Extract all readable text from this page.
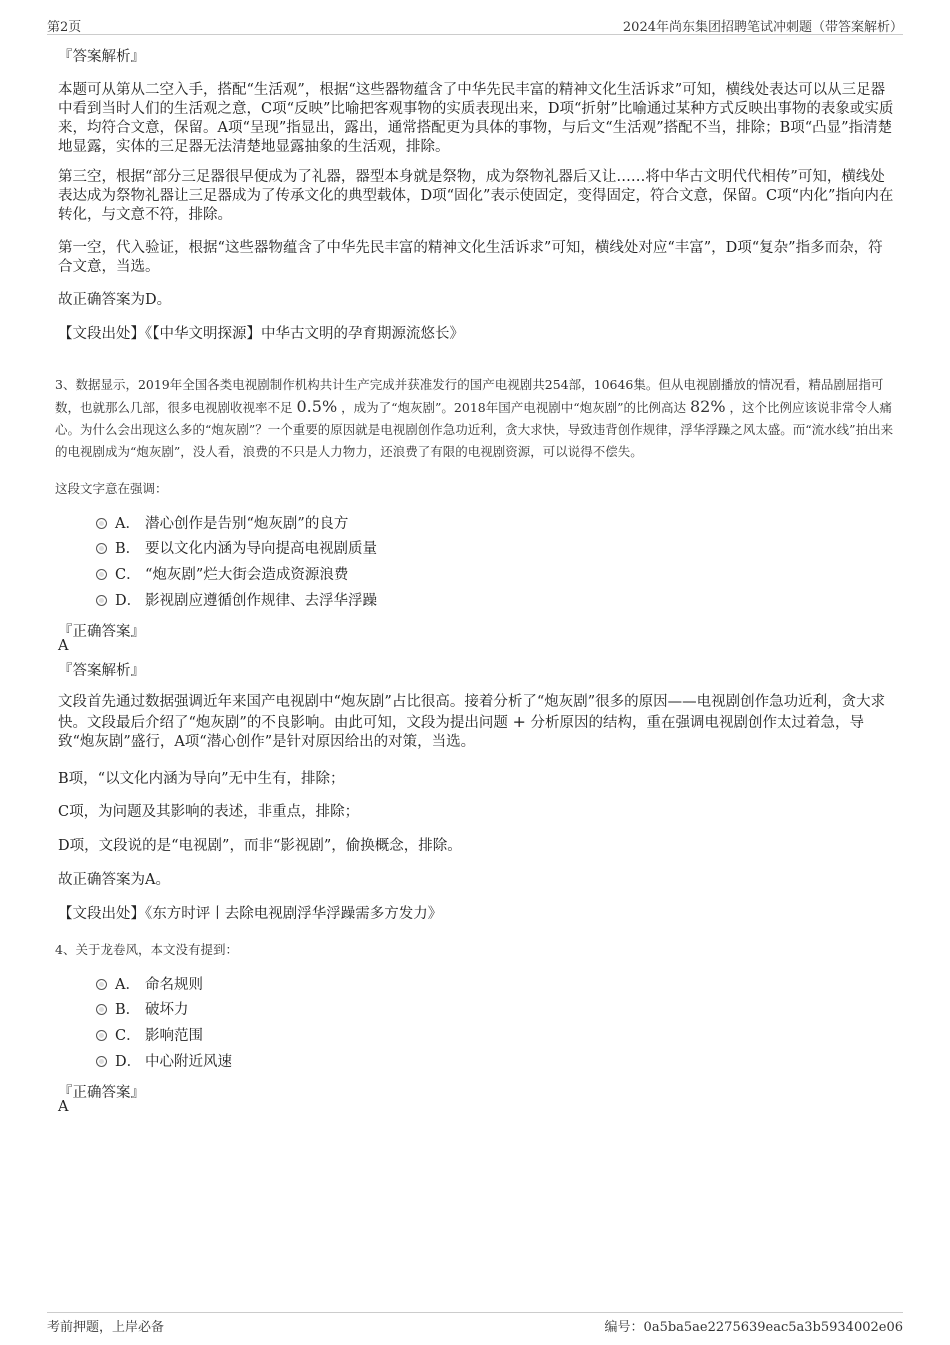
第2页	2024年尚东集团招聘笔试冲刺题（带答案解析）
『答案解析』

本题可从第从二空入手，搭配“生活观”，根据“这些器物蕴含了中华先民丰富的精神文化生活诉求”可知，横线处表达可以从三足器中看到当时人们的生活观之意，C项“反映”比喻把客观事物的实质表现出来，D项“折射”比喻通过某种方式反映出事物的表象或实质来，均符合文意，保留。A项“呈现”指显出，露出，通常搭配更为具体的事物，与后文“生活观”搭配不当，排除；B项“凸显”指清楚地显露，实体的三足器无法清楚地显露抽象的生活观，排除。

第三空，根据“部分三足器很早便成为了礼器，器型本身就是祭物，成为祭物礼器后又让……将中华古文明代代相传”可知，横线处表达成为祭物礼器让三足器成为了传承文化的典型载体，D项“固化”表示使固定，变得固定，符合文意，保留。C项“内化”指向内在转化，与文意不符，排除。

第一空，代入验证，根据“这些器物蕴含了中华先民丰富的精神文化生活诉求”可知，横线处对应“丰富”，D项“复杂”指多而杂，符合文意，当选。

故正确答案为D。

【文段出处】《【中华文明探源】中华古文明的孕育期源流悠长》

3、数据显示，2019年全国各类电视剧制作机构共计生产完成并获准发行的国产电视剧共254部，10646集。但从电视剧播放的情况看，精品剧屈指可数，也就那么几部，很多电视剧收视率不足 0.5% ，成为了“炮灰剧”。2018年国产电视剧中“炮灰剧”的比例高达 82% ，这个比例应该说非常令人痛心。为什么会出现这么多的“炮灰剧”？一个重要的原因就是电视剧创作急功近利，贪大求快，导致违背创作规律，浮华浮躁之风太盛。而“流水线”拍出来的电视剧成为“炮灰剧”，没人看，浪费的不只是人力物力，还浪费了有限的电视剧资源，可以说得不偿失。

这段文字意在强调：
A． 潜心创作是告别“炮灰剧”的良方
B． 要以文化内涵为导向提高电视剧质量
C． “炮灰剧”烂大街会造成资源浪费
D． 影视剧应遵循创作规律、去浮华浮躁
『正确答案』
A
『答案解析』

文段首先通过数据强调近年来国产电视剧中“炮灰剧”占比很高。接着分析了“炮灰剧”很多的原因——电视剧创作急功近利，贪大求快。文段最后介绍了“炮灰剧”的不良影响。由此可知，文段为提出问题 + 分析原因的结构，重在强调电视剧创作太过着急，导致“炮灰剧”盛行，A项“潜心创作”是针对原因给出的对策，当选。

B项，“以文化内涵为导向”无中生有，排除；

C项，为问题及其影响的表述，非重点，排除；

D项，文段说的是“电视剧”，而非“影视剧”，偷换概念，排除。

故正确答案为A。

【文段出处】《东方时评丨去除电视剧浮华浮躁需多方发力》

4、关于龙卷风，本文没有提到：
A． 命名规则
B． 破坏力
C． 影响范围
D． 中心附近风速
『正确答案』
A
考前押题，上岸必备	编号：0a5ba5ae2275639eac5a3b5934002e06
